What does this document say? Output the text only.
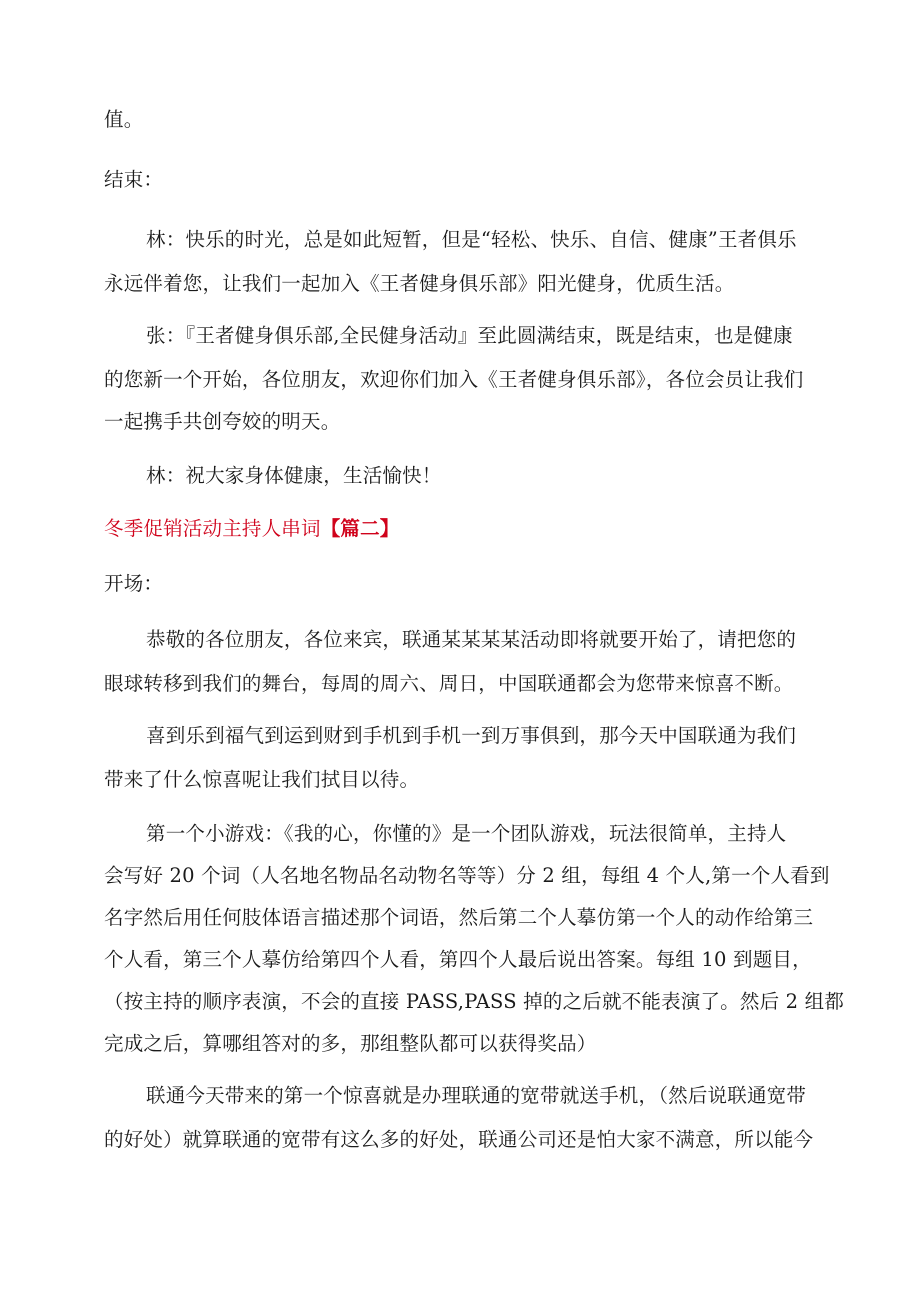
值。
结束：
林：快乐的时光，总是如此短暂，但是“轻松、快乐、自信、健康”王者俱乐
永远伴着您，让我们一起加入《王者健身俱乐部》阳光健身，优质生活。
张：『王者健身俱乐部,全民健身活动』至此圆满结束，既是结束，也是健康
的您新一个开始，各位朋友，欢迎你们加入《王者健身俱乐部》，各位会员让我们
一起携手共创夸姣的明天。
林：祝大家身体健康，生活愉快！
冬季促销活动主持人串词【篇二】
开场：
恭敬的各位朋友，各位来宾，联通某某某某活动即将就要开始了，请把您的
眼球转移到我们的舞台，每周的周六、周日，中国联通都会为您带来惊喜不断。
喜到乐到福气到运到财到手机到手机一到万事俱到，那今天中国联通为我们
带来了什么惊喜呢让我们拭目以待。
第一个小游戏：《我的心，你懂的》是一个团队游戏，玩法很简单，主持人
会写好 20 个词（人名地名物品名动物名等等）分 2 组，每组 4 个人,第一个人看到
名字然后用任何肢体语言描述那个词语，然后第二个人摹仿第一个人的动作给第三
个人看，第三个人摹仿给第四个人看，第四个人最后说出答案。每组 10 到题目，
（按主持的顺序表演，不会的直接 PASS,PASS 掉的之后就不能表演了。然后 2 组都
完成之后，算哪组答对的多，那组整队都可以获得奖品）
联通今天带来的第一个惊喜就是办理联通的宽带就送手机，（然后说联通宽带
的好处）就算联通的宽带有这么多的好处，联通公司还是怕大家不满意，所以能今
